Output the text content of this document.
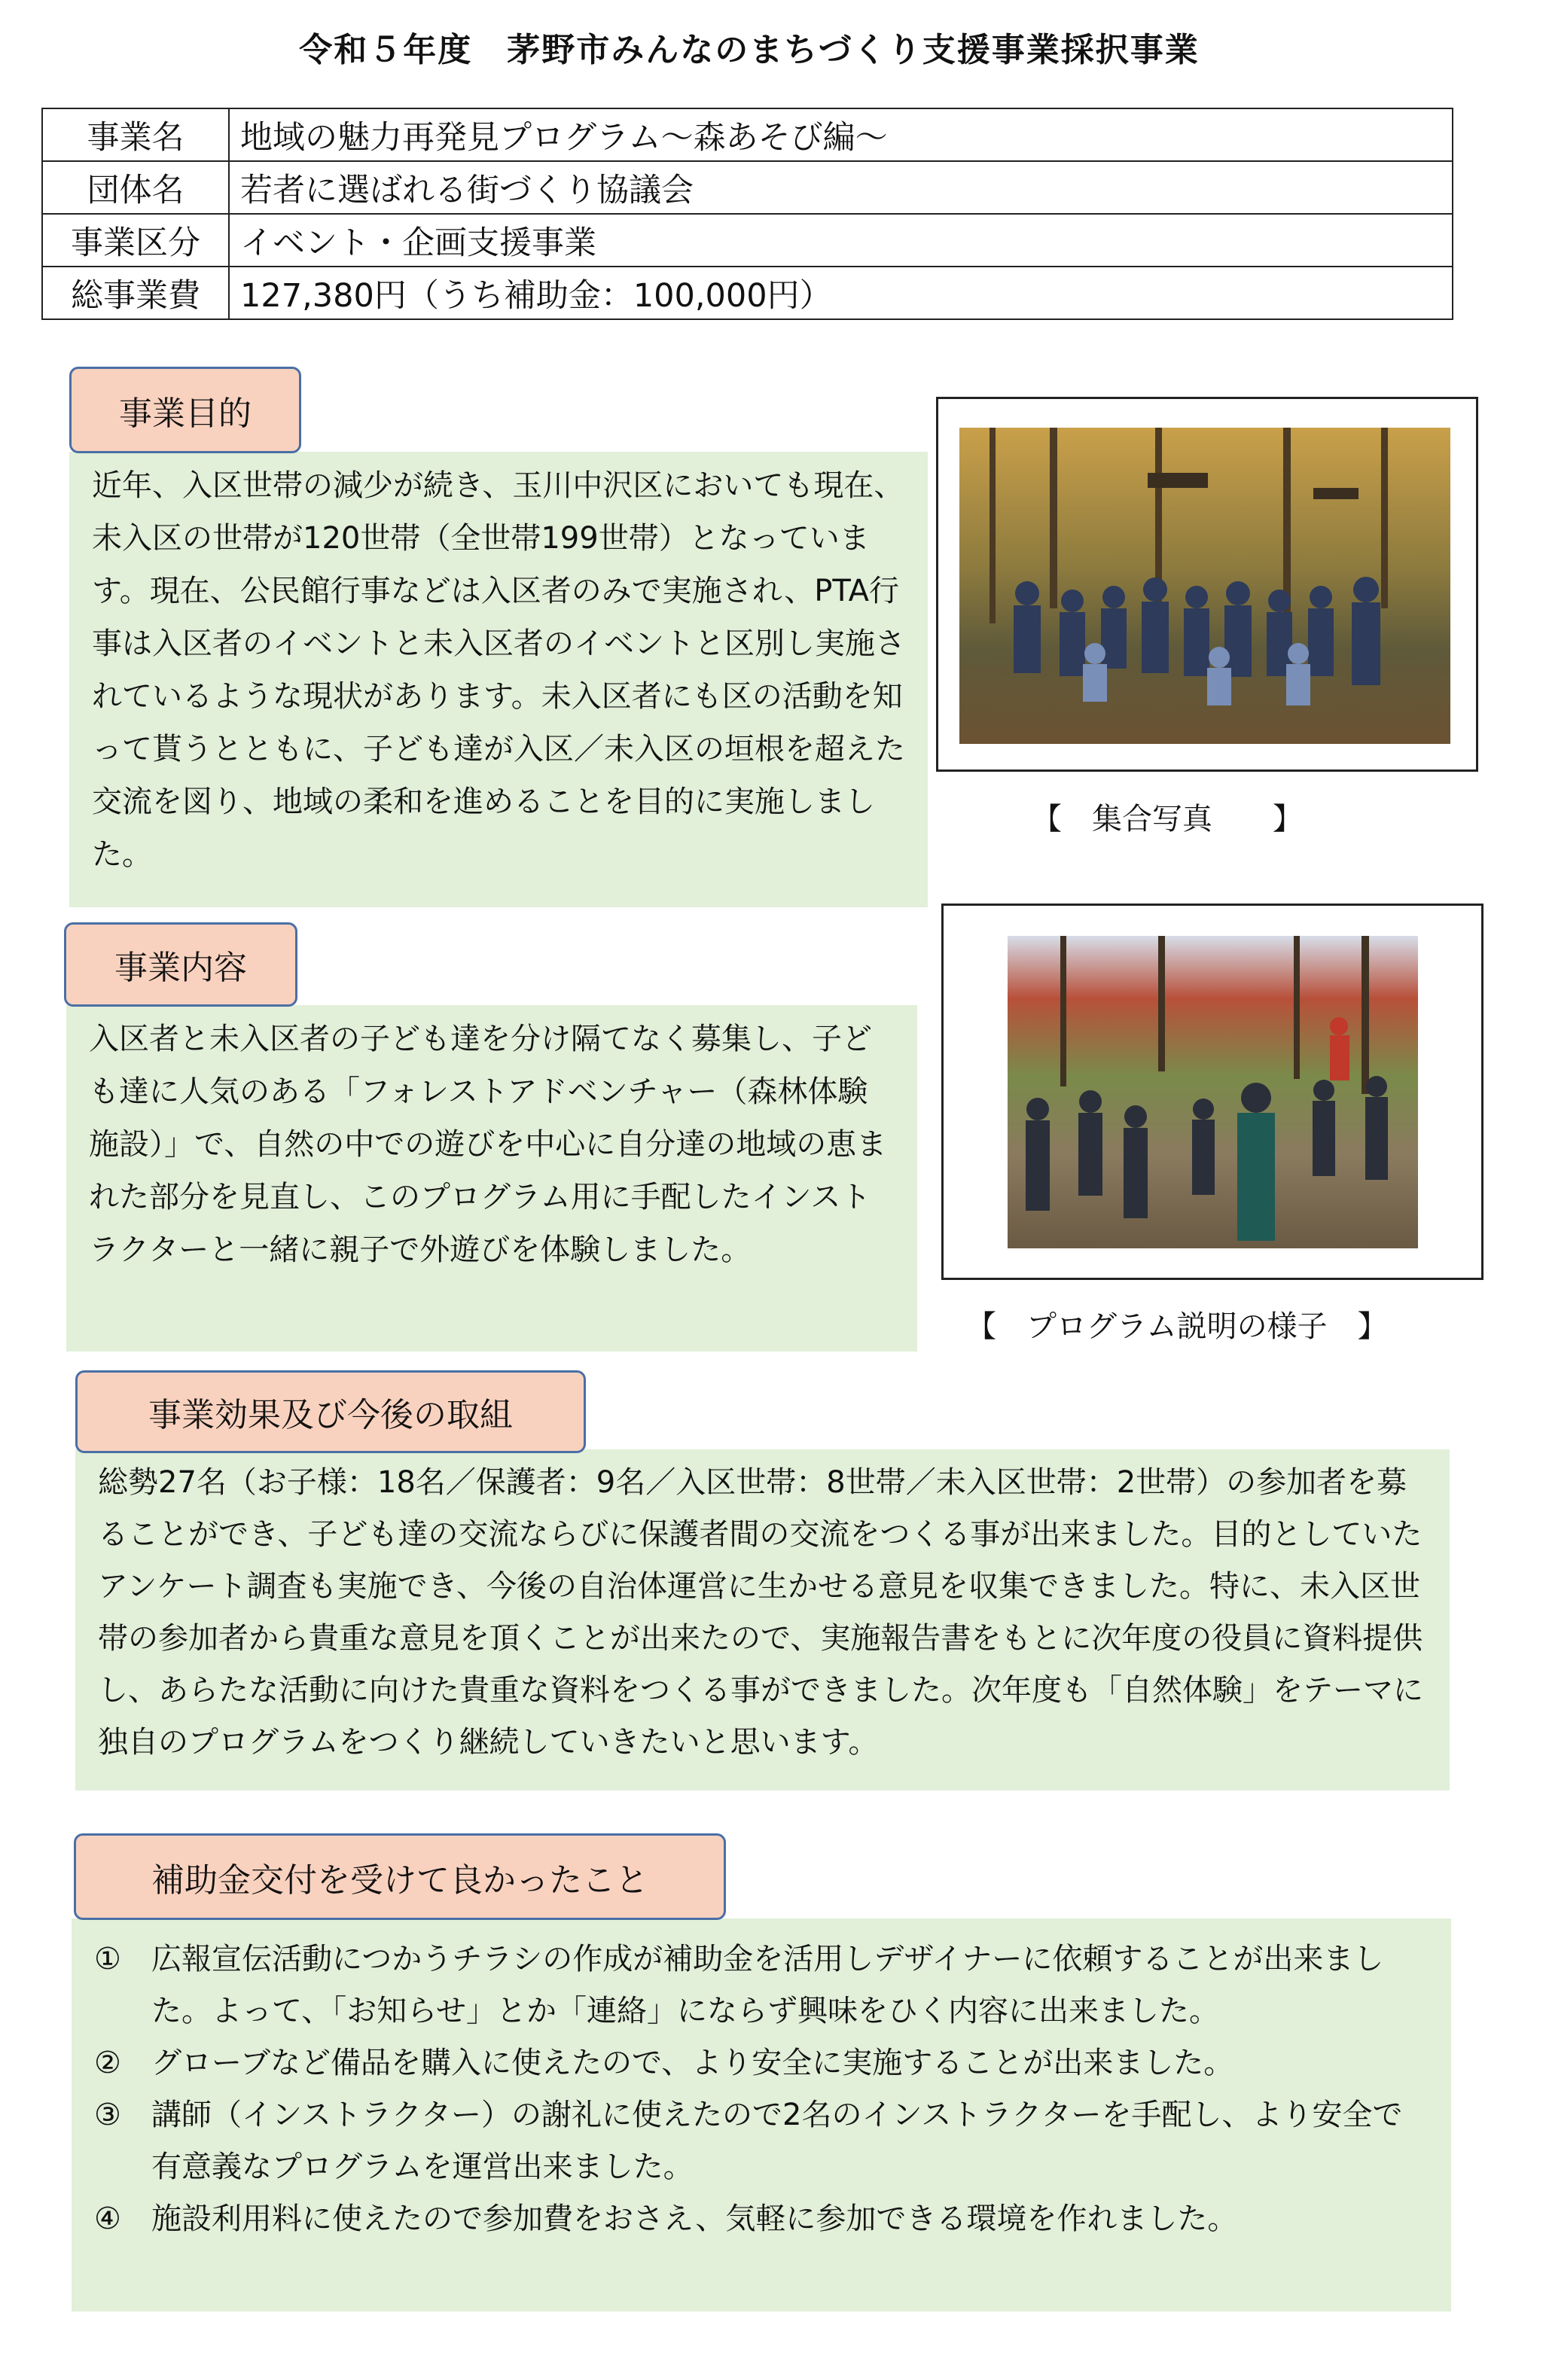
令和５年度　茅野市みんなのまちづくり支援事業採択事業
事業名	地域の魅力再発見プログラム～森あそび編～
団体名	若者に選ばれる街づくり協議会
事業区分	イベント・企画支援事業
総事業費	127,380円（うち補助金：100,000円）

近年、入区世帯の減少が続き、玉川中沢区においても現在、未入区の世帯が120世帯（全世帯199世帯）となっています。現在、公民館行事などは入区者のみで実施され、PTA行事は入区者のイベントと未入区者のイベントと区別し実施されているような現状があります。未入区者にも区の活動を知って貰うとともに、子ども達が入区／未入区の垣根を超えた交流を図り、地域の柔和を進めることを目的に実施しました。

事業目的
【　集合写真　　】

入区者と未入区者の子ども達を分け隔てなく募集し、子ども達に人気のある「フォレストアドベンチャー（森林体験施設）」で、自然の中での遊びを中心に自分達の地域の恵まれた部分を見直し、このプログラム用に手配したインストラクターと一緒に親子で外遊びを体験しました。

事業内容
【　プログラム説明の様子　】

総勢27名（お子様：18名／保護者：9名／入区世帯：8世帯／未入区世帯：2世帯）の参加者を募ることができ、子ども達の交流ならびに保護者間の交流をつくる事が出来ました。目的としていたアンケート調査も実施でき、今後の自治体運営に生かせる意見を収集できました。特に、未入区世帯の参加者から貴重な意見を頂くことが出来たので、実施報告書をもとに次年度の役員に資料提供し、あらたな活動に向けた貴重な資料をつくる事ができました。次年度も「自然体験」をテーマに独自のプログラムをつくり継続していきたいと思います。

事業効果及び今後の取組
① 広報宣伝活動につかうチラシの作成が補助金を活用しデザイナーに依頼することが出来ました。よって、「お知らせ」とか「連絡」にならず興味をひく内容に出来ました。
② グローブなど備品を購入に使えたので、より安全に実施することが出来ました。
③ 講師（インストラクター）の謝礼に使えたので2名のインストラクターを手配し、より安全で有意義なプログラムを運営出来ました。
④ 施設利用料に使えたので参加費をおさえ、気軽に参加できる環境を作れました。
補助金交付を受けて良かったこと
